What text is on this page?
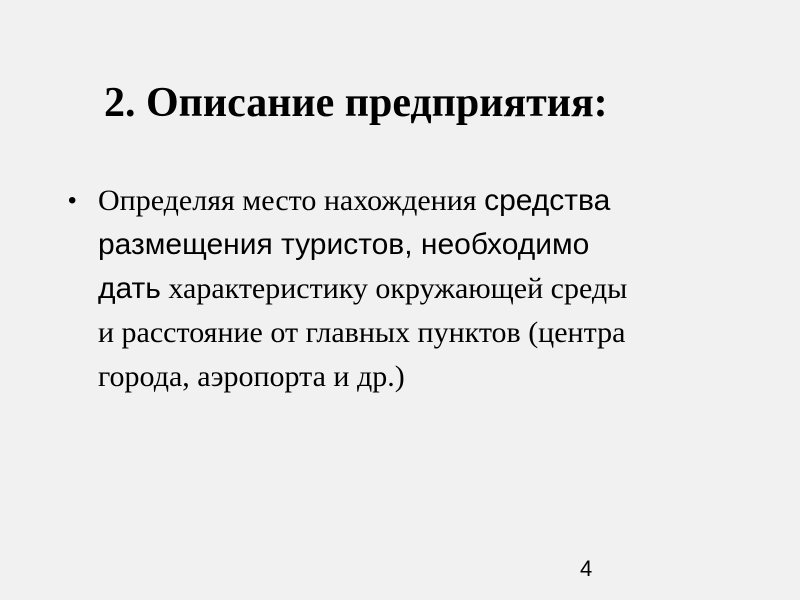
2. Описание предприятия:
• Определяя место нахождения средства
размещения туристов, необходимо
дать характеристику окружающей среды
и расстояние от главных пунктов (центра
города, аэропорта и др.)
4
